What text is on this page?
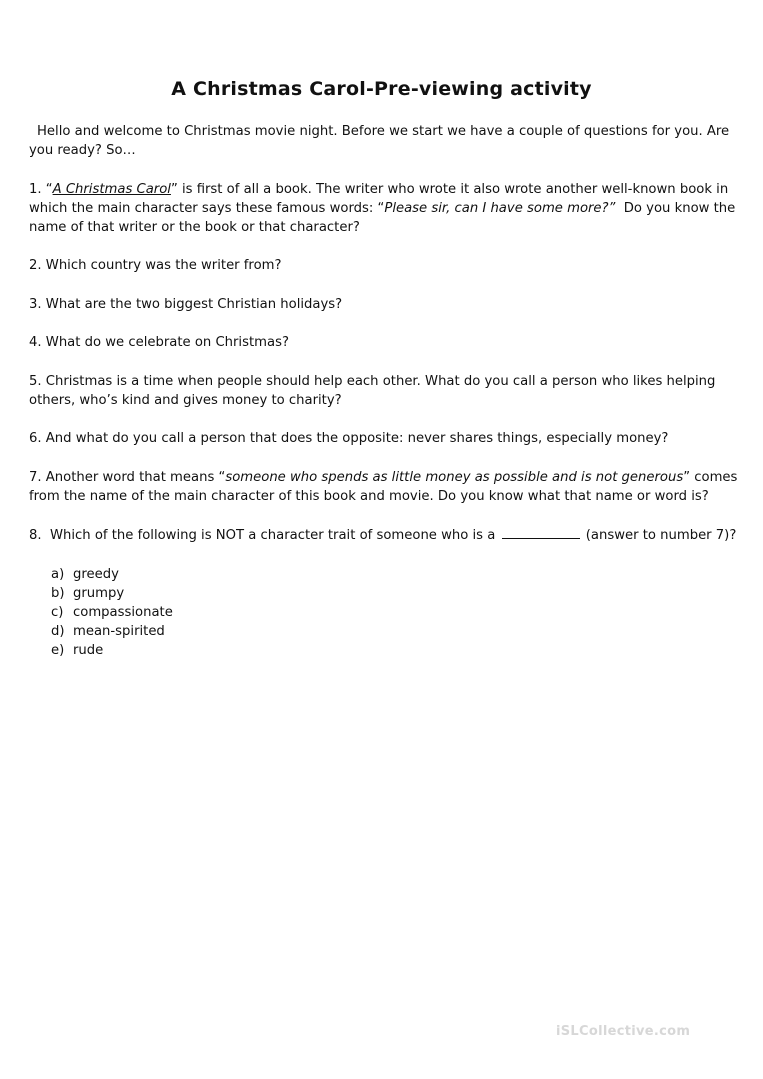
A Christmas Carol-Pre-viewing activity

Hello and welcome to Christmas movie night. Before we start we have a couple of questions for you. Are you ready? So…

1. “A Christmas Carol” is first of all a book. The writer who wrote it also wrote another well-known book in which the main character says these famous words: “Please sir, can I have some more?”  Do you know the name of that writer or the book or that character?

2. Which country was the writer from?

3. What are the two biggest Christian holidays?

4. What do we celebrate on Christmas?

5. Christmas is a time when people should help each other. What do you call a person who likes helping others, who’s kind and gives money to charity?

6. And what do you call a person that does the opposite: never shares things, especially money?

7. Another word that means “someone who spends as little money as possible and is not generous” comes from the name of the main character of this book and movie. Do you know what that name or word is?

8.  Which of the following is NOT a character trait of someone who is a	(answer to number 7)?

a) greedy
b) grumpy
c) compassionate
d) mean-spirited
e) rude
iSLCollective.com
